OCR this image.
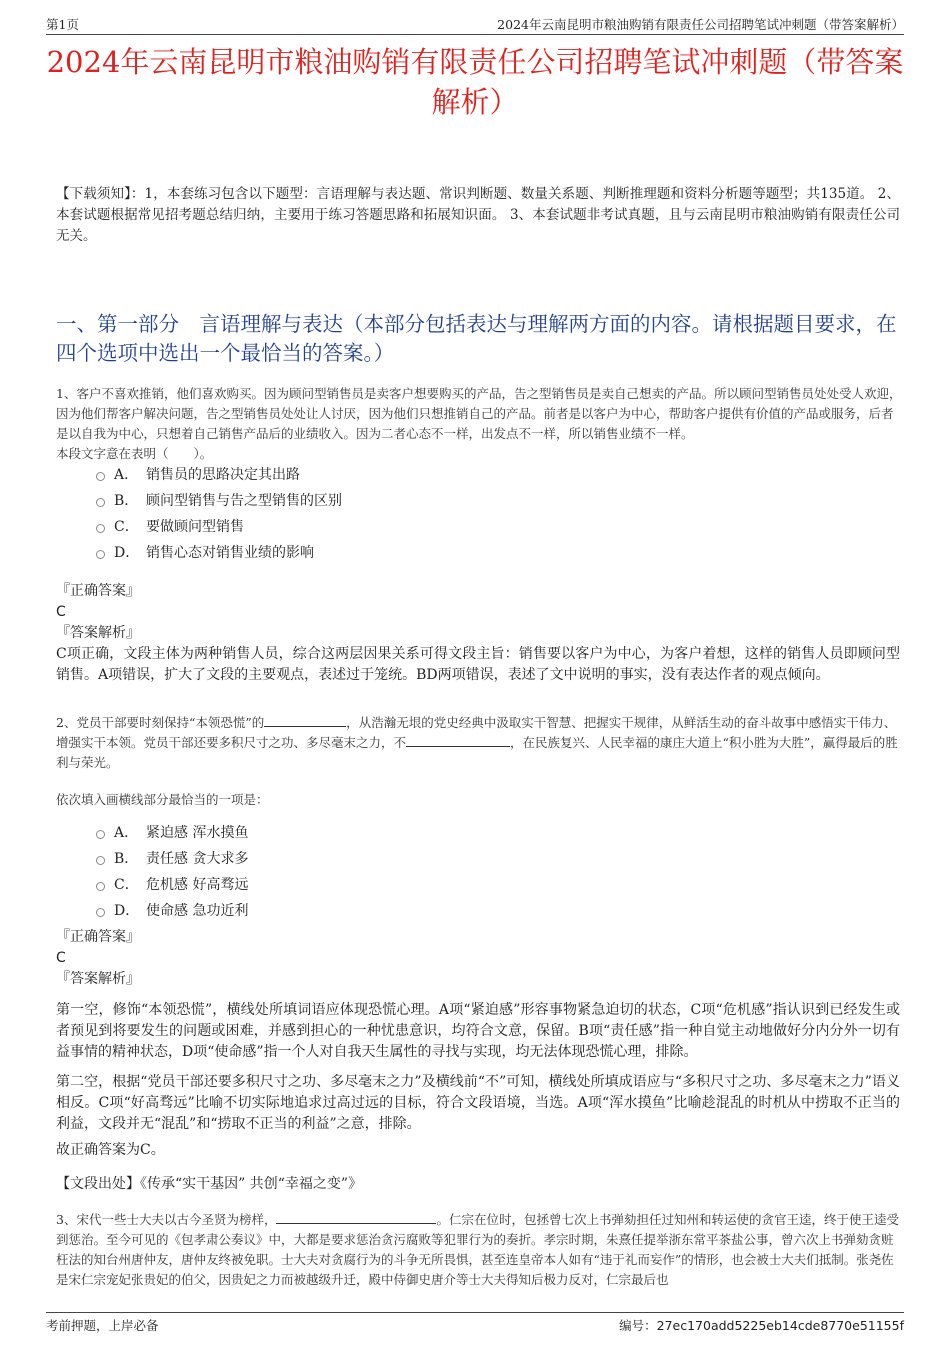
第1页	2024年云南昆明市粮油购销有限责任公司招聘笔试冲刺题（带答案解析）
2024年云南昆明市粮油购销有限责任公司招聘笔试冲刺题（带答案解析）
【下载须知】：1，本套练习包含以下题型：言语理解与表达题、常识判断题、数量关系题、判断推理题和资料分析题等题型；共135道。 2、本套试题根据常见招考题总结归纳，主要用于练习答题思路和拓展知识面。 3、本套试题非考试真题，且与云南昆明市粮油购销有限责任公司无关。
一、第一部分　言语理解与表达（本部分包括表达与理解两方面的内容。请根据题目要求，在四个选项中选出一个最恰当的答案。）
1、客户不喜欢推销，他们喜欢购买。因为顾问型销售员是卖客户想要购买的产品，告之型销售员是卖自己想卖的产品。所以顾问型销售员处处受人欢迎，因为他们帮客户解决问题，告之型销售员处处让人讨厌，因为他们只想推销自己的产品。前者是以客户为中心，帮助客户提供有价值的产品或服务，后者是以自我为中心，只想着自己销售产品后的业绩收入。因为二者心态不一样，出发点不一样，所以销售业绩不一样。
本段文字意在表明（　　）。
A． 销售员的思路决定其出路
B． 顾问型销售与告之型销售的区别
C． 要做顾问型销售
D． 销售心态对销售业绩的影响
『正确答案』
C
『答案解析』
C项正确，文段主体为两种销售人员，综合这两层因果关系可得文段主旨：销售要以客户为中心，为客户着想，这样的销售人员即顾问型销售。A项错误，扩大了文段的主要观点，表述过于笼统。BD两项错误，表述了文中说明的事实，没有表达作者的观点倾向。
2、党员干部要时刻保持“本领恐慌”的	，从浩瀚无垠的党史经典中汲取实干智慧、把握实干规律，从鲜活生动的奋斗故事中感悟实干伟力、增强实干本领。党员干部还要多积尺寸之功、多尽毫末之力，不	，在民族复兴、人民幸福的康庄大道上“积小胜为大胜”，赢得最后的胜利与荣光。
依次填入画横线部分最恰当的一项是：
A． 紧迫感 浑水摸鱼
B． 责任感 贪大求多
C． 危机感 好高骛远
D． 使命感 急功近利
『正确答案』
C
『答案解析』
第一空，修饰“本领恐慌”，横线处所填词语应体现恐慌心理。A项“紧迫感”形容事物紧急迫切的状态，C项“危机感”指认识到已经发生或者预见到将要发生的问题或困难，并感到担心的一种忧患意识，均符合文意，保留。B项“责任感”指一种自觉主动地做好分内分外一切有益事情的精神状态，D项“使命感”指一个人对自我天生属性的寻找与实现，均无法体现恐慌心理，排除。
第二空，根据“党员干部还要多积尺寸之功、多尽毫末之力”及横线前“不”可知，横线处所填成语应与“多积尺寸之功、多尽毫末之力”语义相反。C项“好高骛远”比喻不切实际地追求过高过远的目标，符合文段语境，当选。A项“浑水摸鱼”比喻趁混乱的时机从中捞取不正当的利益，文段并无“混乱”和“捞取不正当的利益”之意，排除。
故正确答案为C。
【文段出处】《传承“实干基因” 共创“幸福之变”》
3、宋代一些士大夫以古今圣贤为榜样，	。仁宗在位时，包拯曾七次上书弹劾担任过知州和转运使的贪官王逵，终于使王逵受到惩治。至今可见的《包孝肃公奏议》中，大都是要求惩治贪污腐败等犯罪行为的奏折。孝宗时期，朱熹任提举浙东常平茶盐公事，曾六次上书弹劾贪赃枉法的知台州唐仲友，唐仲友终被免职。士大夫对贪腐行为的斗争无所畏惧，甚至连皇帝本人如有“违于礼而妄作”的情形，也会被士大夫们抵制。张尧佐是宋仁宗宠妃张贵妃的伯父，因贵妃之力而被越级升迁，殿中侍御史唐介等士大夫得知后极力反对，仁宗最后也
考前押题，上岸必备	编号：27ec170add5225eb14cde8770e51155f
